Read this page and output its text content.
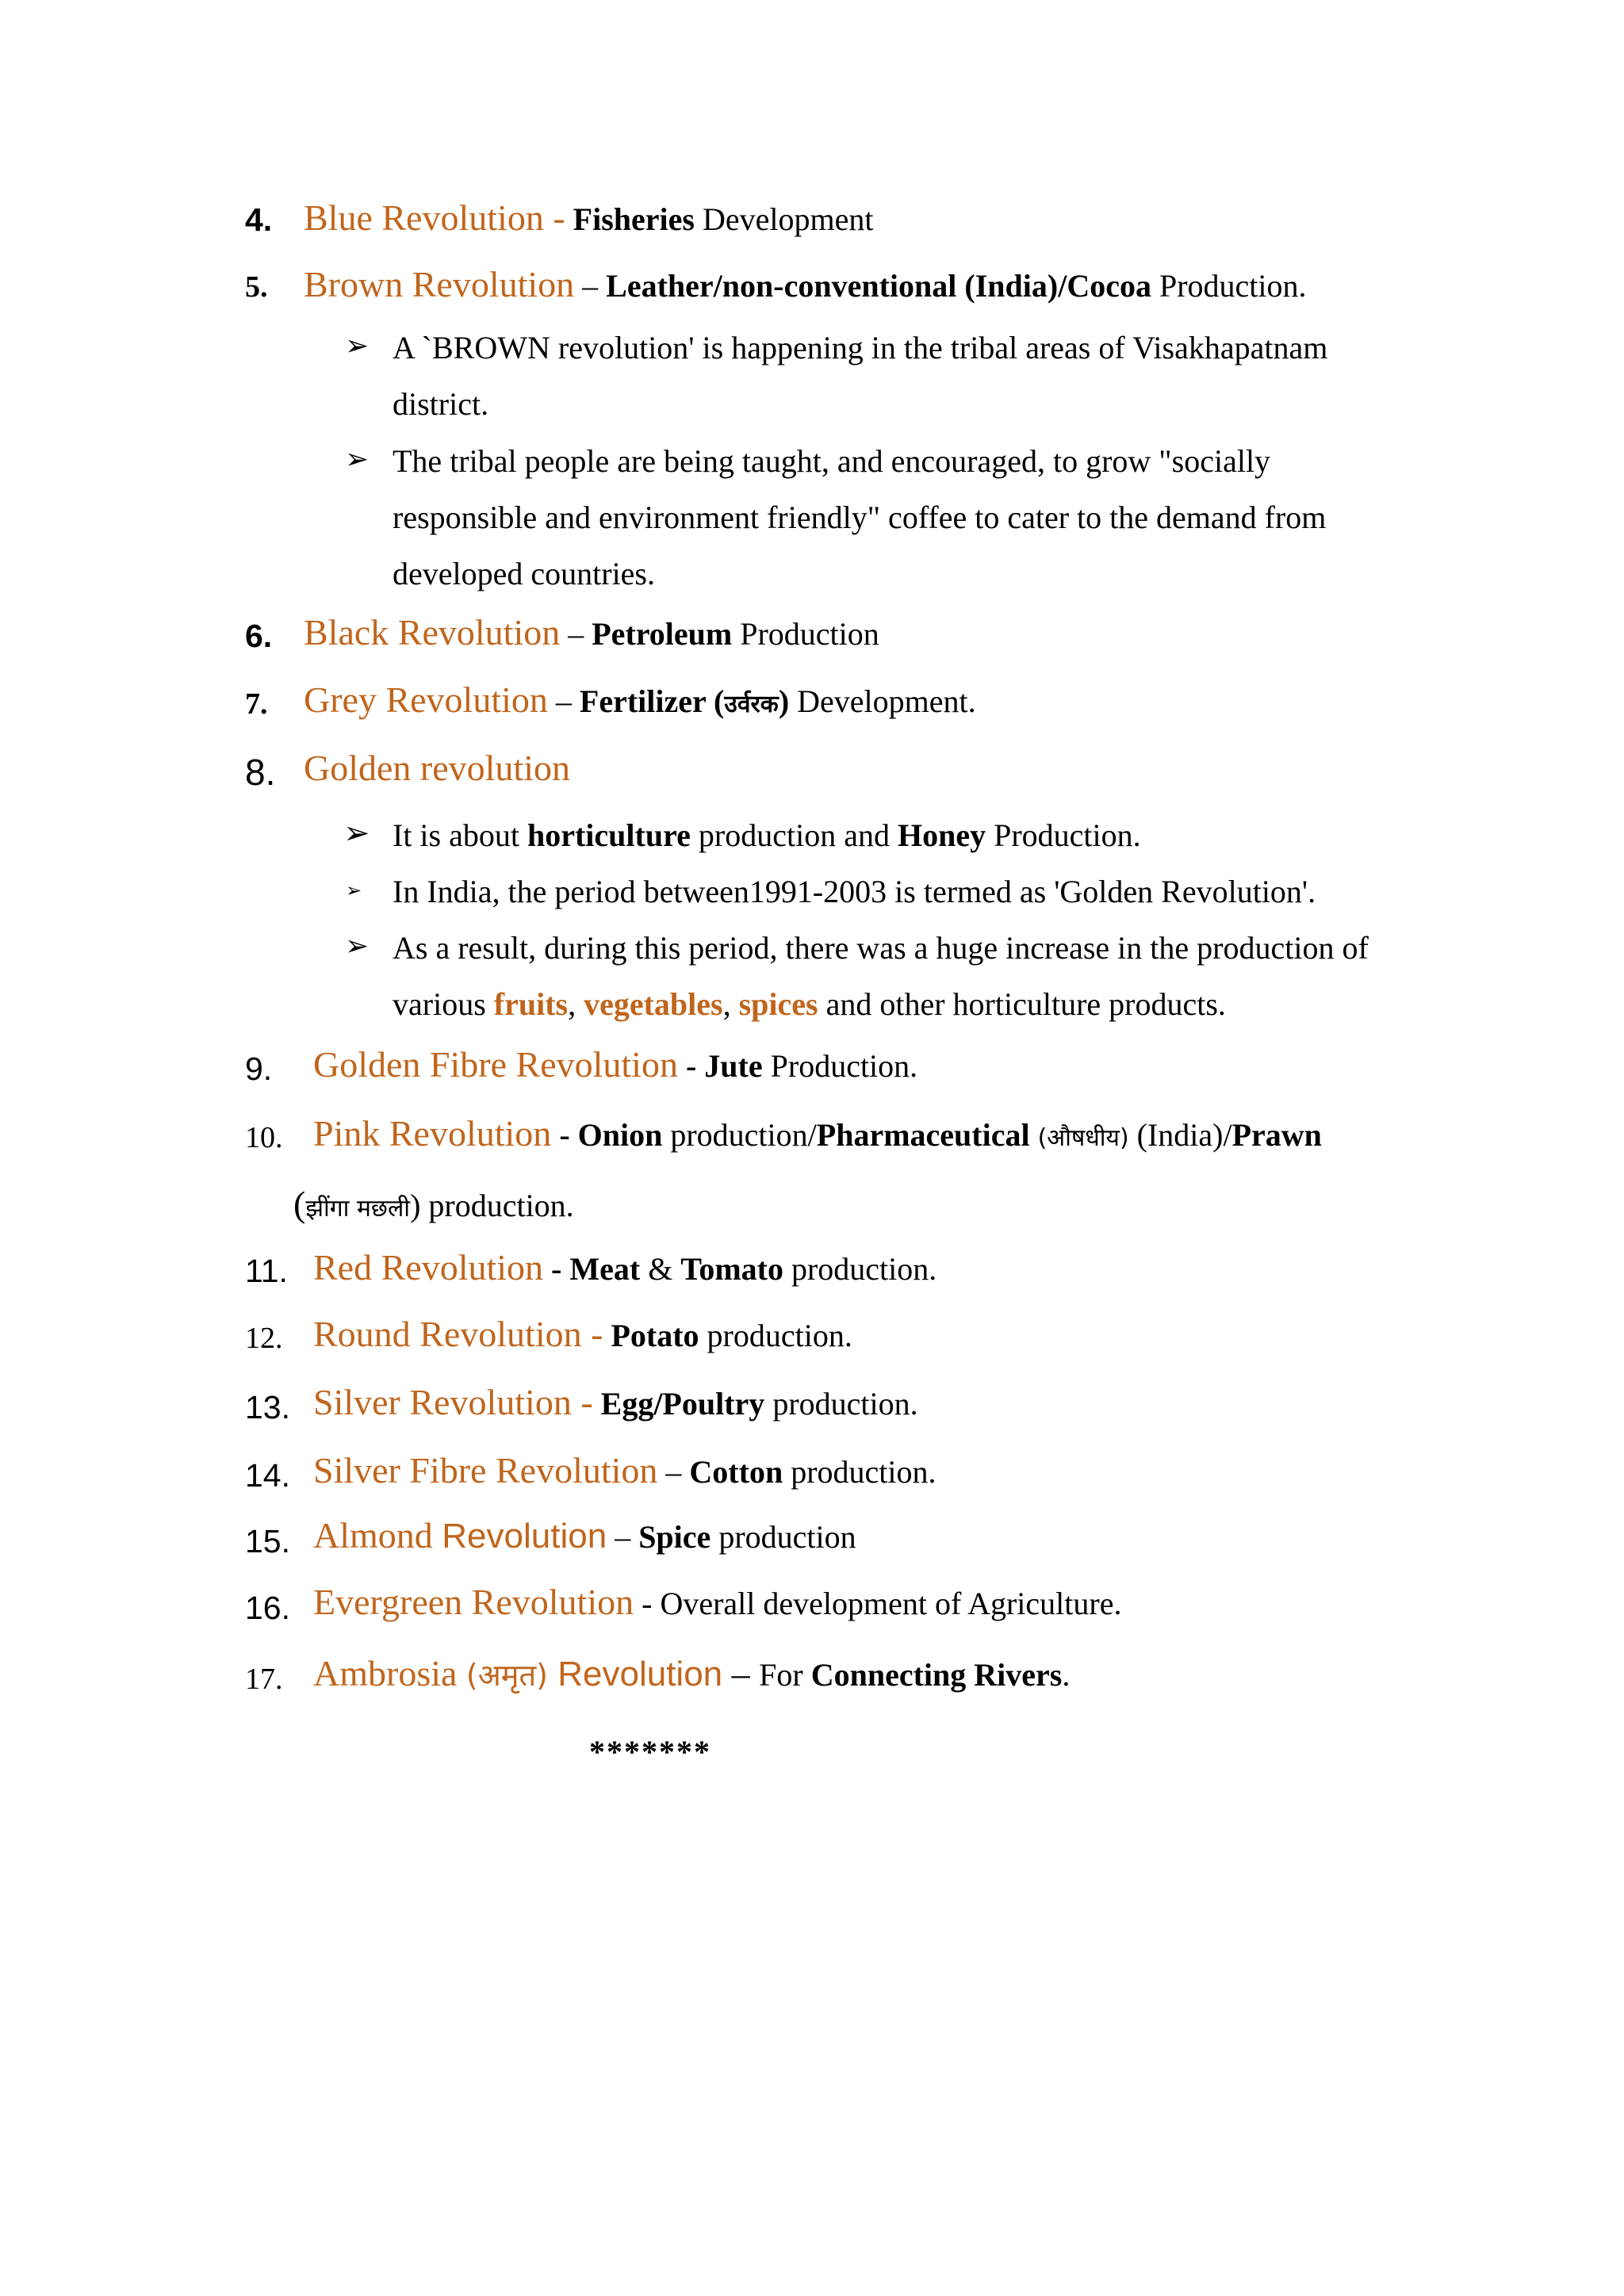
4. Blue Revolution - Fisheries Development
5. Brown Revolution – Leather/non-conventional (India)/Cocoa Production.
➢ A `BROWN revolution' is happening in the tribal areas of Visakhapatnam
district.
➢ The tribal people are being taught, and encouraged, to grow "socially
responsible and environment friendly" coffee to cater to the demand from
developed countries.
6. Black Revolution – Petroleum Production
7. Grey Revolution – Fertilizer (उर्वरक) Development.
8. Golden revolution
➢ It is about horticulture production and Honey Production.
➢ In India, the period between1991-2003 is termed as 'Golden Revolution'.
➢ As a result, during this period, there was a huge increase in the production of
various fruits, vegetables, spices and other horticulture products.
9. Golden Fibre Revolution - Jute Production.
10. Pink Revolution - Onion production/Pharmaceutical (औषधीय) (India)/Prawn
(झींगा मछली) production.
11. Red Revolution - Meat & Tomato production.
12. Round Revolution - Potato production.
13. Silver Revolution - Egg/Poultry production.
14. Silver Fibre Revolution – Cotton production.
15. Almond Revolution – Spice production
16. Evergreen Revolution - Overall development of Agriculture.
17. Ambrosia (अमृत) Revolution – For Connecting Rivers.
*******
